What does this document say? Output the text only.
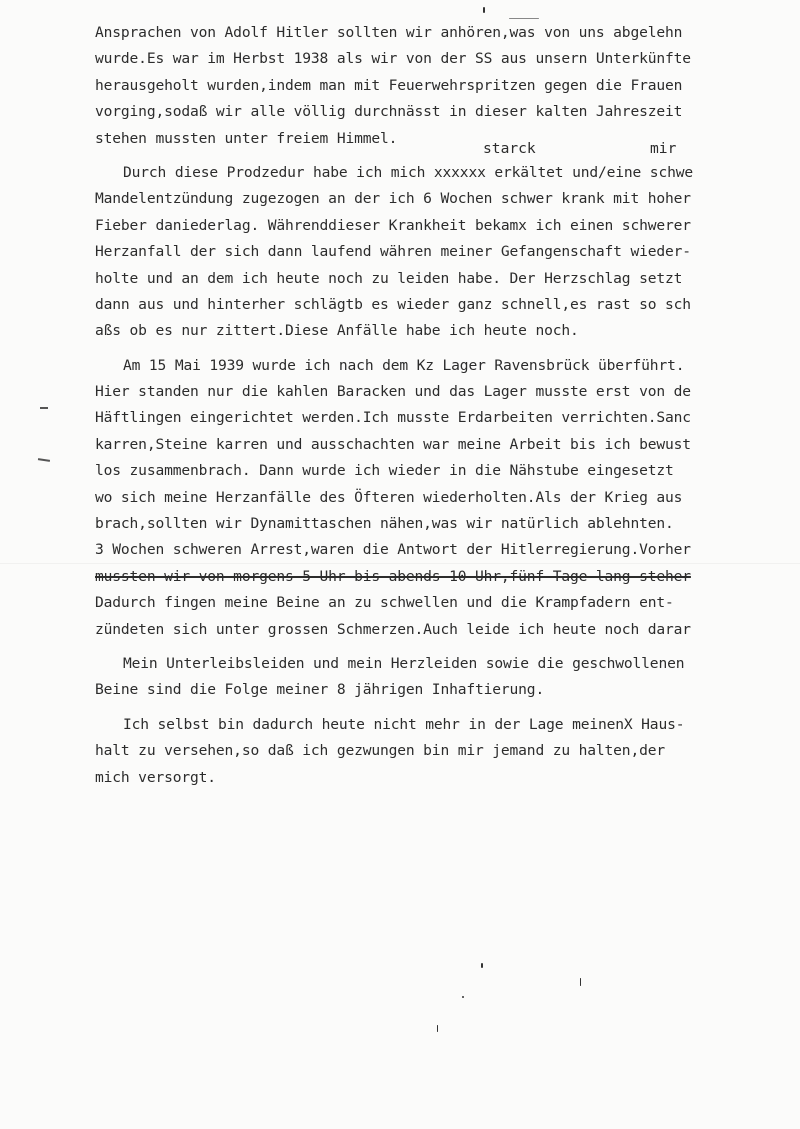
Ansprachen von Adolf Hitler sollten wir anhören,was von uns abgelehn
wurde.Es war im Herbst 1938 als wir von der SS aus unsern Unterkünfte
herausgeholt wurden,indem man mit Feuerwehrspritzen gegen die Frauen
vorging,sodaß wir alle völlig durchnässt in dieser kalten Jahreszeit
stehen mussten unter freiem Himmel.
Durch diese Prodzedur habe ich mich xxxxxx erkältet und/eine schwe
Mandelentzündung zugezogen an der ich 6 Wochen schwer krank mit hoher
Fieber daniederlag. Währenddieser Krankheit bekamx ich einen schwerer
Herzanfall der sich dann laufend währen meiner Gefangenschaft wieder-
holte und an dem ich heute noch zu leiden habe. Der Herzschlag setzt
dann aus und hinterher schlägtb es wieder ganz schnell,es rast so sch
aßs ob es nur zittert.Diese Anfälle habe ich heute noch.
Am 15 Mai 1939 wurde ich nach dem Kz Lager Ravensbrück überführt.
Hier standen nur die kahlen Baracken und das Lager musste erst von de
Häftlingen eingerichtet werden.Ich musste Erdarbeiten verrichten.Sanc
karren,Steine karren und ausschachten war meine Arbeit bis ich bewust
los zusammenbrach. Dann wurde ich wieder in die Nähstube eingesetzt
wo sich meine Herzanfälle des Öfteren wiederholten.Als der Krieg aus
brach,sollten wir Dynamittaschen nähen,was wir natürlich ablehnten.
3 Wochen schweren Arrest,waren die Antwort der Hitlerregierung.Vorher
mussten wir von morgens 5 Uhr bis abends 10 Uhr,fünf Tage lang steher
Dadurch fingen meine Beine an zu schwellen und die Krampfadern ent-
zündeten sich unter grossen Schmerzen.Auch leide ich heute noch darar
Mein Unterleibsleiden und mein Herzleiden sowie die geschwollenen
Beine sind die Folge meiner 8 jährigen Inhaftierung.
Ich selbst bin dadurch heute nicht mehr in der Lage meinenX Haus-
halt zu versehen,so daß ich gezwungen bin mir jemand zu halten,der
mich versorgt.
starck	mir
